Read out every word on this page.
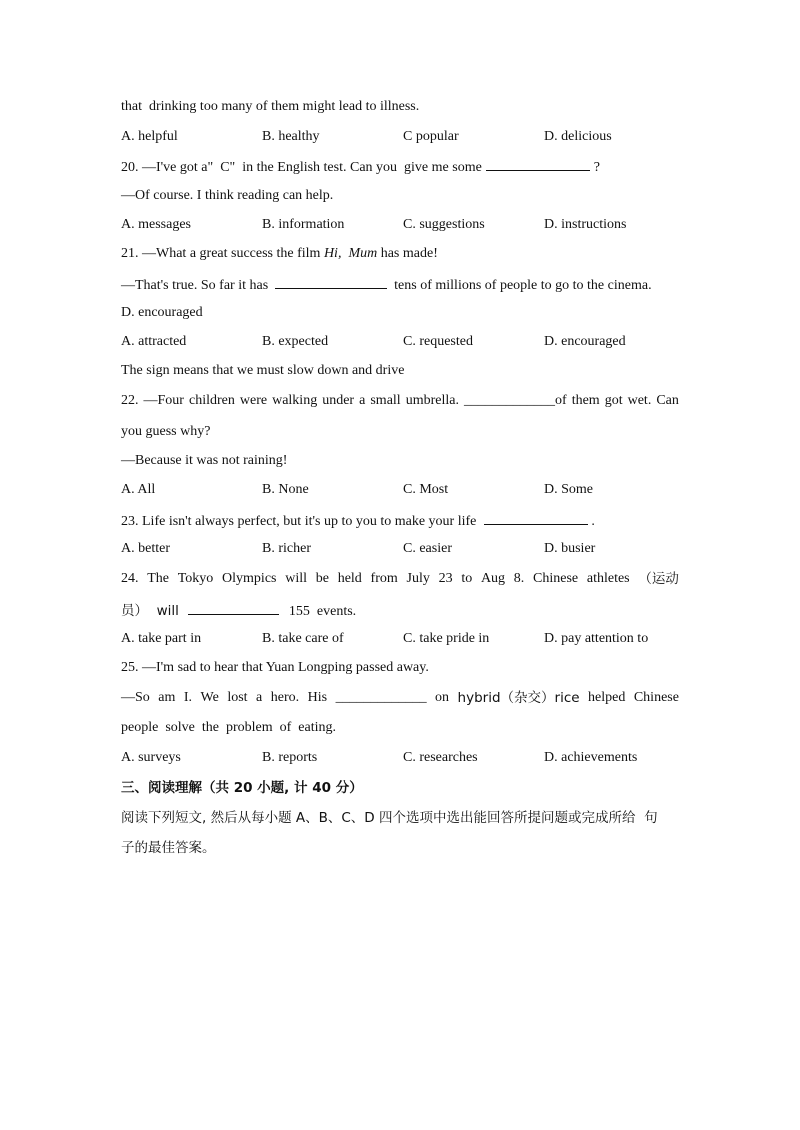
that  drinking too many of them might lead to illness.
A. helpful	B. healthy	C popular	D. delicious
20. —I've got a"  C"  in the English test. Can you  give me some	?
—Of course. I think reading can help.
A. messages	B. information	C. suggestions	D. instructions
21. —What a great success the film Hi,  Mum has made!
—That's true. So far it has	tens of millions of people to go to the cinema.
D. encouraged
A. attracted	B. expected	C. requested	D. encouraged
The sign means that we must slow down and drive
22. —Four children were walking under a small umbrella. _____________of them got wet. Can
you guess why?
—Because it was not raining!
A. All	B. None	C. Most	D. Some
23. Life isn't always perfect, but it's up to you to make your life	.
A. better	B. richer	C. easier	D. busier
24. The Tokyo Olympics will be held from July 23 to Aug 8. Chinese athletes （运动
员）  will	155  events.
A. take part in	B. take care of	C. take pride in	D. pay attention to
25. —I'm sad to hear that Yuan Longping passed away.
—So am I. We lost a hero. His _____________ on hybrid（杂交）rice helped Chinese
people  solve  the  problem  of  eating.
A. surveys	B. reports	C. researches	D. achievements
三、阅读理解（共 20 小题, 计 40 分）
阅读下列短文, 然后从每小题 A、B、C、D 四个选项中选出能回答所提问题或完成所给  句
子的最佳答案。
